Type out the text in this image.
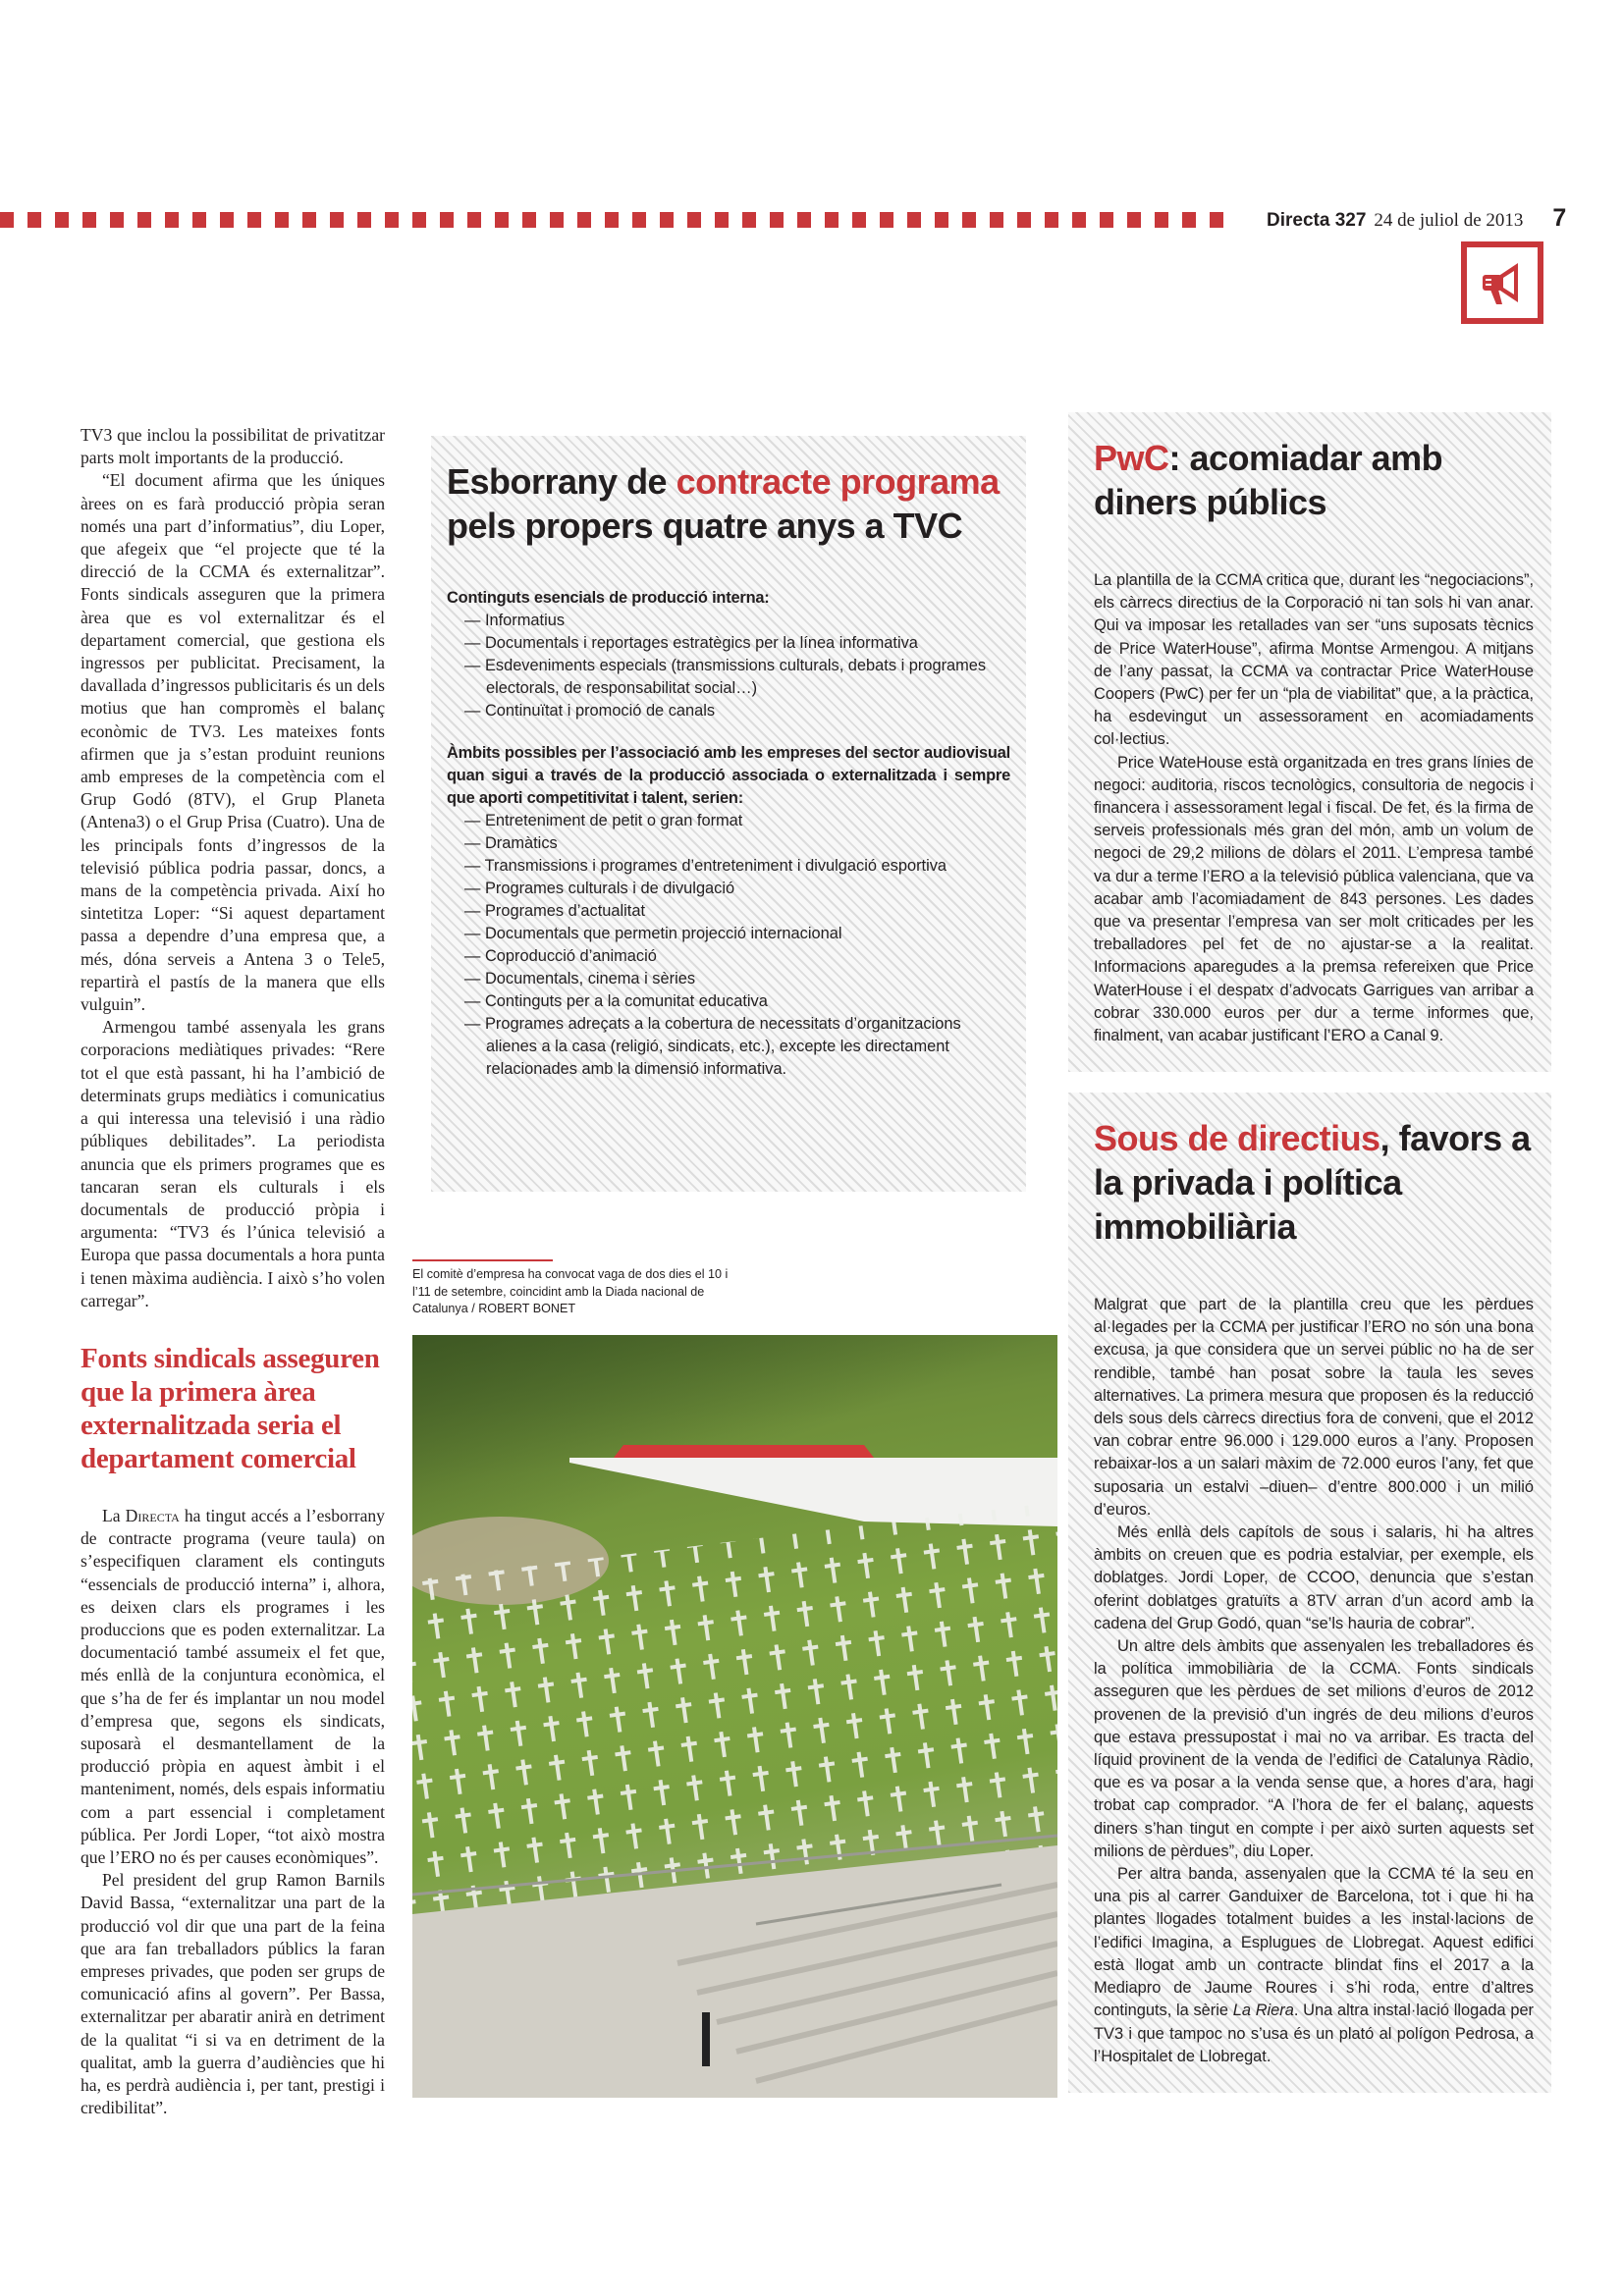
Directa 327 24 de juliol de 2013 7

TV3 que inclou la possibilitat de privatitzar parts molt importants de la producció.

“El document afirma que les úniques àrees on es farà producció pròpia seran només una part d’informatius”, diu Loper, que afegeix que “el projecte que té la direcció de la CCMA és externalitzar”. Fonts sindicals asseguren que la primera àrea que es vol externalitzar és el departament comercial, que gestiona els ingressos per publicitat. Precisament, la davallada d’ingressos publicitaris és un dels motius que han compromès el balanç econòmic de TV3. Les mateixes fonts afirmen que ja s’estan produint reunions amb empreses de la competència com el Grup Godó (8TV), el Grup Planeta (Antena3) o el Grup Prisa (Cuatro). Una de les principals fonts d’ingressos de la televisió pública podria passar, doncs, a mans de la competència privada. Així ho sintetitza Loper: “Si aquest departament passa a dependre d’una empresa que, a més, dóna serveis a Antena 3 o Tele5, repartirà el pastís de la manera que ells vulguin”.

Armengou també assenyala les grans corporacions mediàtiques privades: “Rere tot el que està passant, hi ha l’ambició de determinats grups mediàtics i comunicatius a qui interessa una televisió i una ràdio públiques debilitades”. La periodista anuncia que els primers programes que es tancaran seran els culturals i els documentals de producció pròpia i argumenta: “TV3 és l’única televisió a Europa que passa documentals a hora punta i tenen màxima audiència. I això s’ho volen carregar”.

Fonts sindicals asseguren que la primera àrea externalitzada seria el departament comercial

La Directa ha tingut accés a l’esborrany de contracte programa (veure taula) on s’especifiquen clarament els continguts “essencials de producció interna” i, alhora, es deixen clars els programes i les produccions que es poden externalitzar. La documentació també assumeix el fet que, més enllà de la conjuntura econòmica, el que s’ha de fer és implantar un nou model d’empresa que, segons els sindicats, suposarà el desmantellament de la producció pròpia en aquest àmbit i el manteniment, només, dels espais informatiu com a part essencial i completament pública. Per Jordi Loper, “tot això mostra que l’ERO no és per causes econòmiques”.

Pel president del grup Ramon Barnils David Bassa, “externalitzar una part de la producció vol dir que una part de la feina que ara fan treballadors públics la faran empreses privades, que poden ser grups de comunicació afins al govern”. Per Bassa, externalitzar per abaratir anirà en detriment de la qualitat “i si va en detriment de la qualitat, amb la guerra d’audiències que hi ha, es perdrà audiència i, per tant, prestigi i credibilitat”.

Esborrany de contracte programa pels propers quatre anys a TVC

Continguts esencials de producció interna:

— Informatius
— Documentals i reportages estratègics per la línea informativa
— Esdeveniments especials (transmissions culturals, debats i programes electorals, de responsabilitat social…)
— Continuïtat i promoció de canals

Àmbits possibles per l’associació amb les empreses del sector audiovisual quan sigui a través de la producció associada o externalitzada i sempre que aporti competitivitat i talent, serien:

— Entreteniment de petit o gran format
— Dramàtics
— Transmissions i programes d’entreteniment i divulgació esportiva
— Programes culturals i de divulgació
— Programes d’actualitat
— Documentals que permetin projecció internacional
— Coproducció d’animació
— Documentals, cinema i sèries
— Continguts per a la comunitat educativa
— Programes adreçats a la cobertura de necessitats d’organitzacions alienes a la casa (religió, sindicats, etc.), excepte les directament relacionades amb la dimensió informativa.
El comitè d’empresa ha convocat vaga de dos dies el 10 i l’11 de setembre, coincidint amb la Diada nacional de Catalunya / ROBERT BONET
PwC: acomiadar amb diners públics

La plantilla de la CCMA critica que, durant les “negociacions”, els càrrecs directius de la Corporació ni tan sols hi van anar. Qui va imposar les retallades van ser “uns suposats tècnics de Price WaterHouse”, afirma Montse Armengou. A mitjans de l’any passat, la CCMA va contractar Price WaterHouse Coopers (PwC) per fer un “pla de viabilitat” que, a la pràctica, ha esdevingut un assessorament en acomiadaments col·lectius.

Price WateHouse està organitzada en tres grans línies de negoci: auditoria, riscos tecnològics, consultoria de negocis i financera i assessorament legal i fiscal. De fet, és la firma de serveis professionals més gran del món, amb un volum de negoci de 29,2 milions de dòlars el 2011. L’empresa també va dur a terme l’ERO a la televisió pública valenciana, que va acabar amb l’acomiadament de 843 persones. Les dades que va presentar l’empresa van ser molt criticades per les treballadores pel fet de no ajustar-se a la realitat. Informacions aparegudes a la premsa refereixen que Price WaterHouse i el despatx d’advocats Garrigues van arribar a cobrar 330.000 euros per dur a terme informes que, finalment, van acabar justificant l’ERO a Canal 9.

Sous de directius, favors a la privada i política immobiliària

Malgrat que part de la plantilla creu que les pèrdues al·legades per la CCMA per justificar l’ERO no són una bona excusa, ja que considera que un servei públic no ha de ser rendible, també han posat sobre la taula les seves alternatives. La primera mesura que proposen és la reducció dels sous dels càrrecs directius fora de conveni, que el 2012 van cobrar entre 96.000 i 129.000 euros a l’any. Proposen rebaixar-los a un salari màxim de 72.000 euros l’any, fet que suposaria un estalvi –diuen– d’entre 800.000 i un milió d’euros.

Més enllà dels capítols de sous i salaris, hi ha altres àmbits on creuen que es podria estalviar, per exemple, els doblatges. Jordi Loper, de CCOO, denuncia que s’estan oferint doblatges gratuïts a 8TV arran d’un acord amb la cadena del Grup Godó, quan “se’ls hauria de cobrar”.

Un altre dels àmbits que assenyalen les treballadores és la política immobiliària de la CCMA. Fonts sindicals asseguren que les pèrdues de set milions d’euros de 2012 provenen de la previsió d’un ingrés de deu milions d’euros que estava pressupostat i mai no va arribar. Es tracta del líquid provinent de la venda de l’edifici de Catalunya Ràdio, que es va posar a la venda sense que, a hores d’ara, hagi trobat cap comprador. “A l’hora de fer el balanç, aquests diners s’han tingut en compte i per això surten aquests set milions de pèrdues”, diu Loper.

Per altra banda, assenyalen que la CCMA té la seu en una pis al carrer Ganduixer de Barcelona, tot i que hi ha plantes llogades totalment buides a les instal·lacions de l’edifici Imagina, a Esplugues de Llobregat. Aquest edifici està llogat amb un contracte blindat fins el 2017 a la Mediapro de Jaume Roures i s’hi roda, entre d’altres continguts, la sèrie La Riera. Una altra instal·lació llogada per TV3 i que tampoc no s’usa és un plató al polígon Pedrosa, a l’Hospitalet de Llobregat.
